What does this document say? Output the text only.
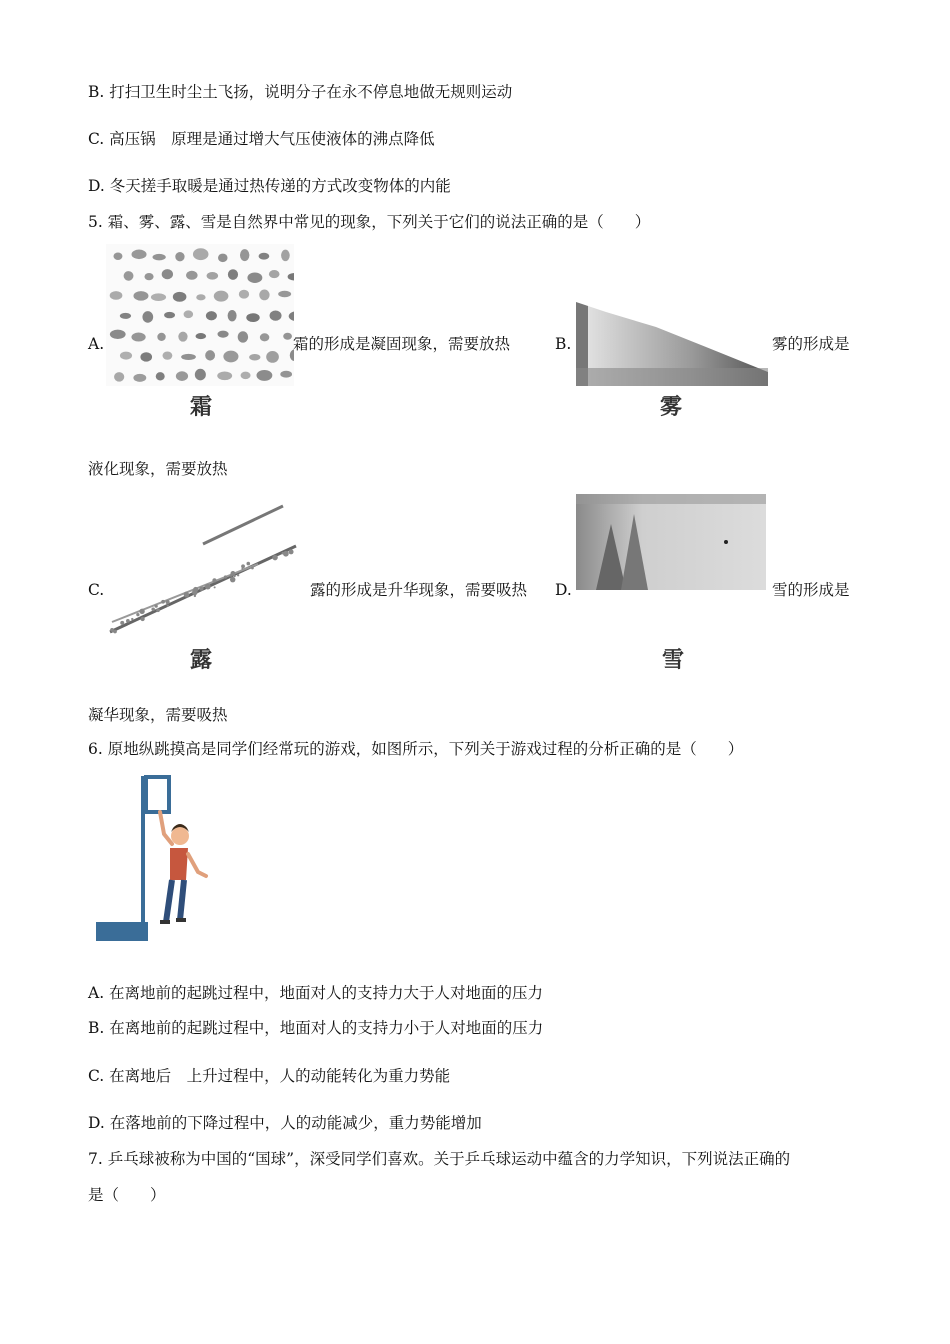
B. 打扫卫生时尘土飞扬，说明分子在永不停息地做无规则运动
C. 高压锅　原理是通过增大气压使液体的沸点降低
D. 冬天搓手取暖是通过热传递的方式改变物体的内能
5. 霜、雾、露、雪是自然界中常见的现象，下列关于它们的说法正确的是（　　）
A.
霜
霜的形成是凝固现象，需要放热	B.
雾
雾的形成是
液化现象，需要放热
C.
露
露的形成是升华现象，需要吸热 D.
雪
雪的形成是
凝华现象，需要吸热
6. 原地纵跳摸高是同学们经常玩的游戏，如图所示，下列关于游戏过程的分析正确的是（　　）
A. 在离地前的起跳过程中，地面对人的支持力大于人对地面的压力
B. 在离地前的起跳过程中，地面对人的支持力小于人对地面的压力
C. 在离地后　上升过程中，人的动能转化为重力势能
D. 在落地前的下降过程中，人的动能减少，重力势能增加
7. 乒乓球被称为中国的“国球”，深受同学们喜欢。关于乒乓球运动中蕴含的力学知识，下列说法正确的
是（　　）
